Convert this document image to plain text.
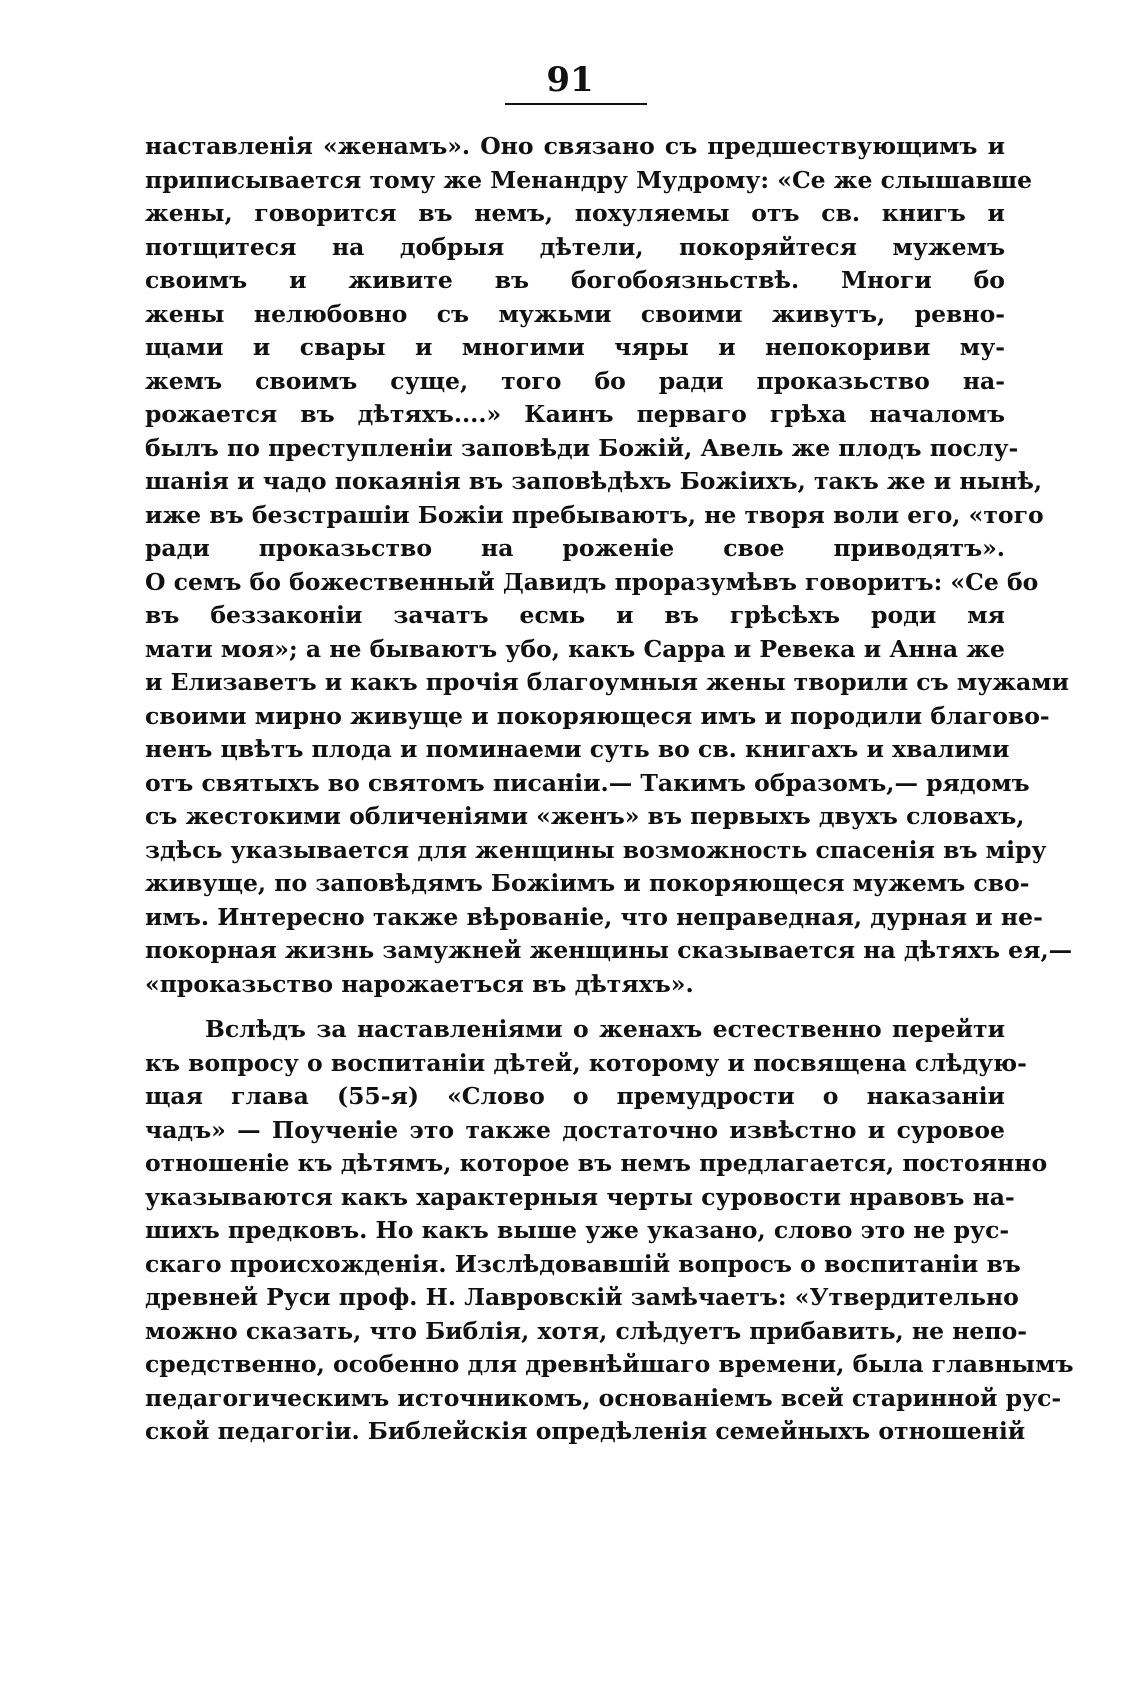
91
наставленія «женамъ». Оно связано съ предшествующимъ и
приписывается тому же Менандру Мудрому: «Се же слышавше
жены, говорится въ немъ, похуляемы отъ св. книгъ и
потщитеся на добрыя дѣтели, покоряйтеся мужемъ
своимъ и живите въ богобоязньствѣ. Многи бо
жены нелюбовно съ мужьми своими живутъ, ревно-
щами и свары и многими чяры и непокориви му-
жемъ своимъ суще, того бо ради проказьство на-
рожается въ дѣтяхъ....» Каинъ перваго грѣха началомъ
былъ по преступленіи заповѣди Божій, Авель же плодъ послу-
шанія и чадо покаянія въ заповѣдѣхъ Божіихъ, такъ же и нынѣ,
иже въ безстрашіи Божіи пребываютъ, не творя воли его, «того
ради проказьство на роженіе свое приводятъ».
О семъ бо божественный Давидъ проразумѣвъ говоритъ: «Се бо
въ беззаконіи зачатъ есмь и въ грѣсѣхъ роди мя
мати моя»; а не бываютъ убо, какъ Сарра и Ревека и Анна же
и Елизаветъ и какъ прочія благоумныя жены творили съ мужами
своими мирно живуще и покоряющеся имъ и породили благово-
ненъ цвѣтъ плода и поминаеми суть во св. книгахъ и хвалими
отъ святыхъ во святомъ писаніи.— Такимъ образомъ,— рядомъ
съ жестокими обличеніями «женъ» въ первыхъ двухъ словахъ,
здѣсь указывается для женщины возможность спасенія въ міру
живуще, по заповѣдямъ Божіимъ и покоряющеся мужемъ сво-
имъ. Интересно также вѣрованіе, что неправедная, дурная и не-
покорная жизнь замужней женщины сказывается на дѣтяхъ ея,—
«проказьство нарожаетъся въ дѣтяхъ».
Вслѣдъ за наставленіями о женахъ естественно перейти
къ вопросу о воспитаніи дѣтей, которому и посвящена слѣдую-
щая глава (55-я) «Слово о премудрости о наказаніи
чадъ» — Поученіе это также достаточно извѣстно и суровое
отношеніе къ дѣтямъ, которое въ немъ предлагается, постоянно
указываются какъ характерныя черты суровости нравовъ на-
шихъ предковъ. Но какъ выше уже указано, слово это не рус-
скаго происхожденія. Изслѣдовавшій вопросъ о воспитаніи въ
древней Руси проф. Н. Лавровскій замѣчаетъ: «Утвердительно
можно сказать, что Библія, хотя, слѣдуетъ прибавить, не непо-
средственно, особенно для древнѣйшаго времени, была главнымъ
педагогическимъ источникомъ, основаніемъ всей старинной рус-
ской педагогіи. Библейскія опредѣленія семейныхъ отношеній
